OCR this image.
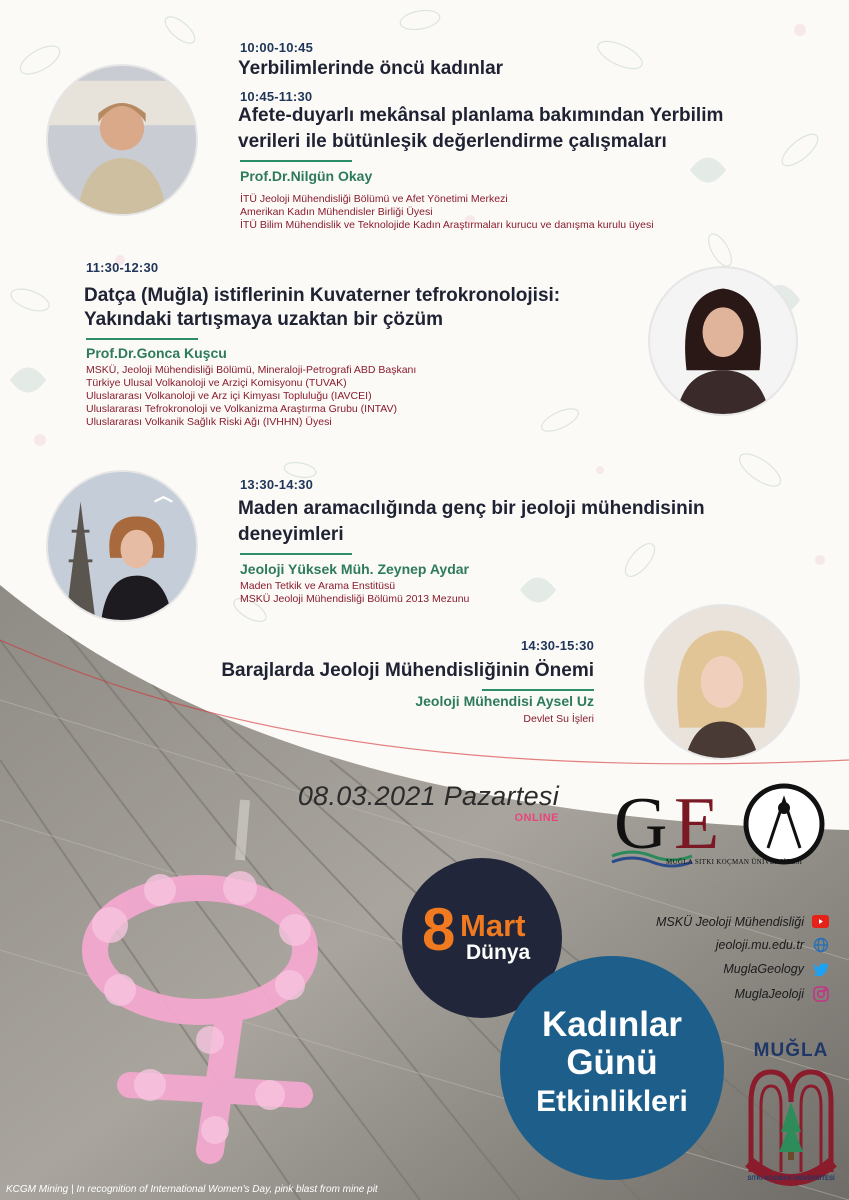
10:00-10:45
Yerbilimlerinde öncü kadınlar
10:45-11:30
Afete-duyarlı mekânsal planlama bakımından Yerbilim
verileri ile bütünleşik değerlendirme çalışmaları
Prof.Dr.Nilgün Okay
İTÜ Jeoloji Mühendisliği Bölümü ve Afet Yönetimi Merkezi
Amerikan Kadın Mühendisler Birliği Üyesi
İTÜ Bilim Mühendislik ve Teknolojide Kadın Araştırmaları kurucu ve danışma kurulu üyesi
11:30-12:30
Datça (Muğla) istiflerinin Kuvaterner tefrokronolojisi:
Yakındaki tartışmaya uzaktan bir çözüm
Prof.Dr.Gonca Kuşcu
MSKÜ, Jeoloji Mühendisliği Bölümü, Mineraloji-Petrografi ABD Başkanı
Türkiye Ulusal Volkanoloji ve Arziçi Komisyonu (TUVAK)
Uluslararası Volkanoloji ve Arz içi Kimyası Topluluğu (IAVCEI)
Uluslararası Tefrokronoloji ve Volkanizma Araştırma Grubu (INTAV)
Uluslararası Volkanik Sağlık Riski Ağı (IVHHN) Üyesi
13:30-14:30
Maden aramacılığında genç bir jeoloji mühendisinin
deneyimleri
Jeoloji Yüksek Müh. Zeynep Aydar
Maden Tetkik ve Arama Enstitüsü
MSKÜ Jeoloji Mühendisliği Bölümü 2013 Mezunu
14:30-15:30
Barajlarda Jeoloji Mühendisliğinin Önemi
Jeoloji Mühendisi Aysel Uz
Devlet Su İşleri
08.03.2021 Pazartesi
ONLINE G E
MUĞLA SITKI KOÇMAN ÜNİVERSİTESİ
8 Mart
Dünya
Kadınlar
Günü
Etkinlikleri
MSKÜ Jeoloji Mühendisliği
jeoloji.mu.edu.tr
MuglaGeology
MuglaJeoloji
MUĞLA
SITKI KOÇMAN ÜNİVERSİTESİ
KCGM Mining | In recognition of International Women's Day, pink blast from mine pit
